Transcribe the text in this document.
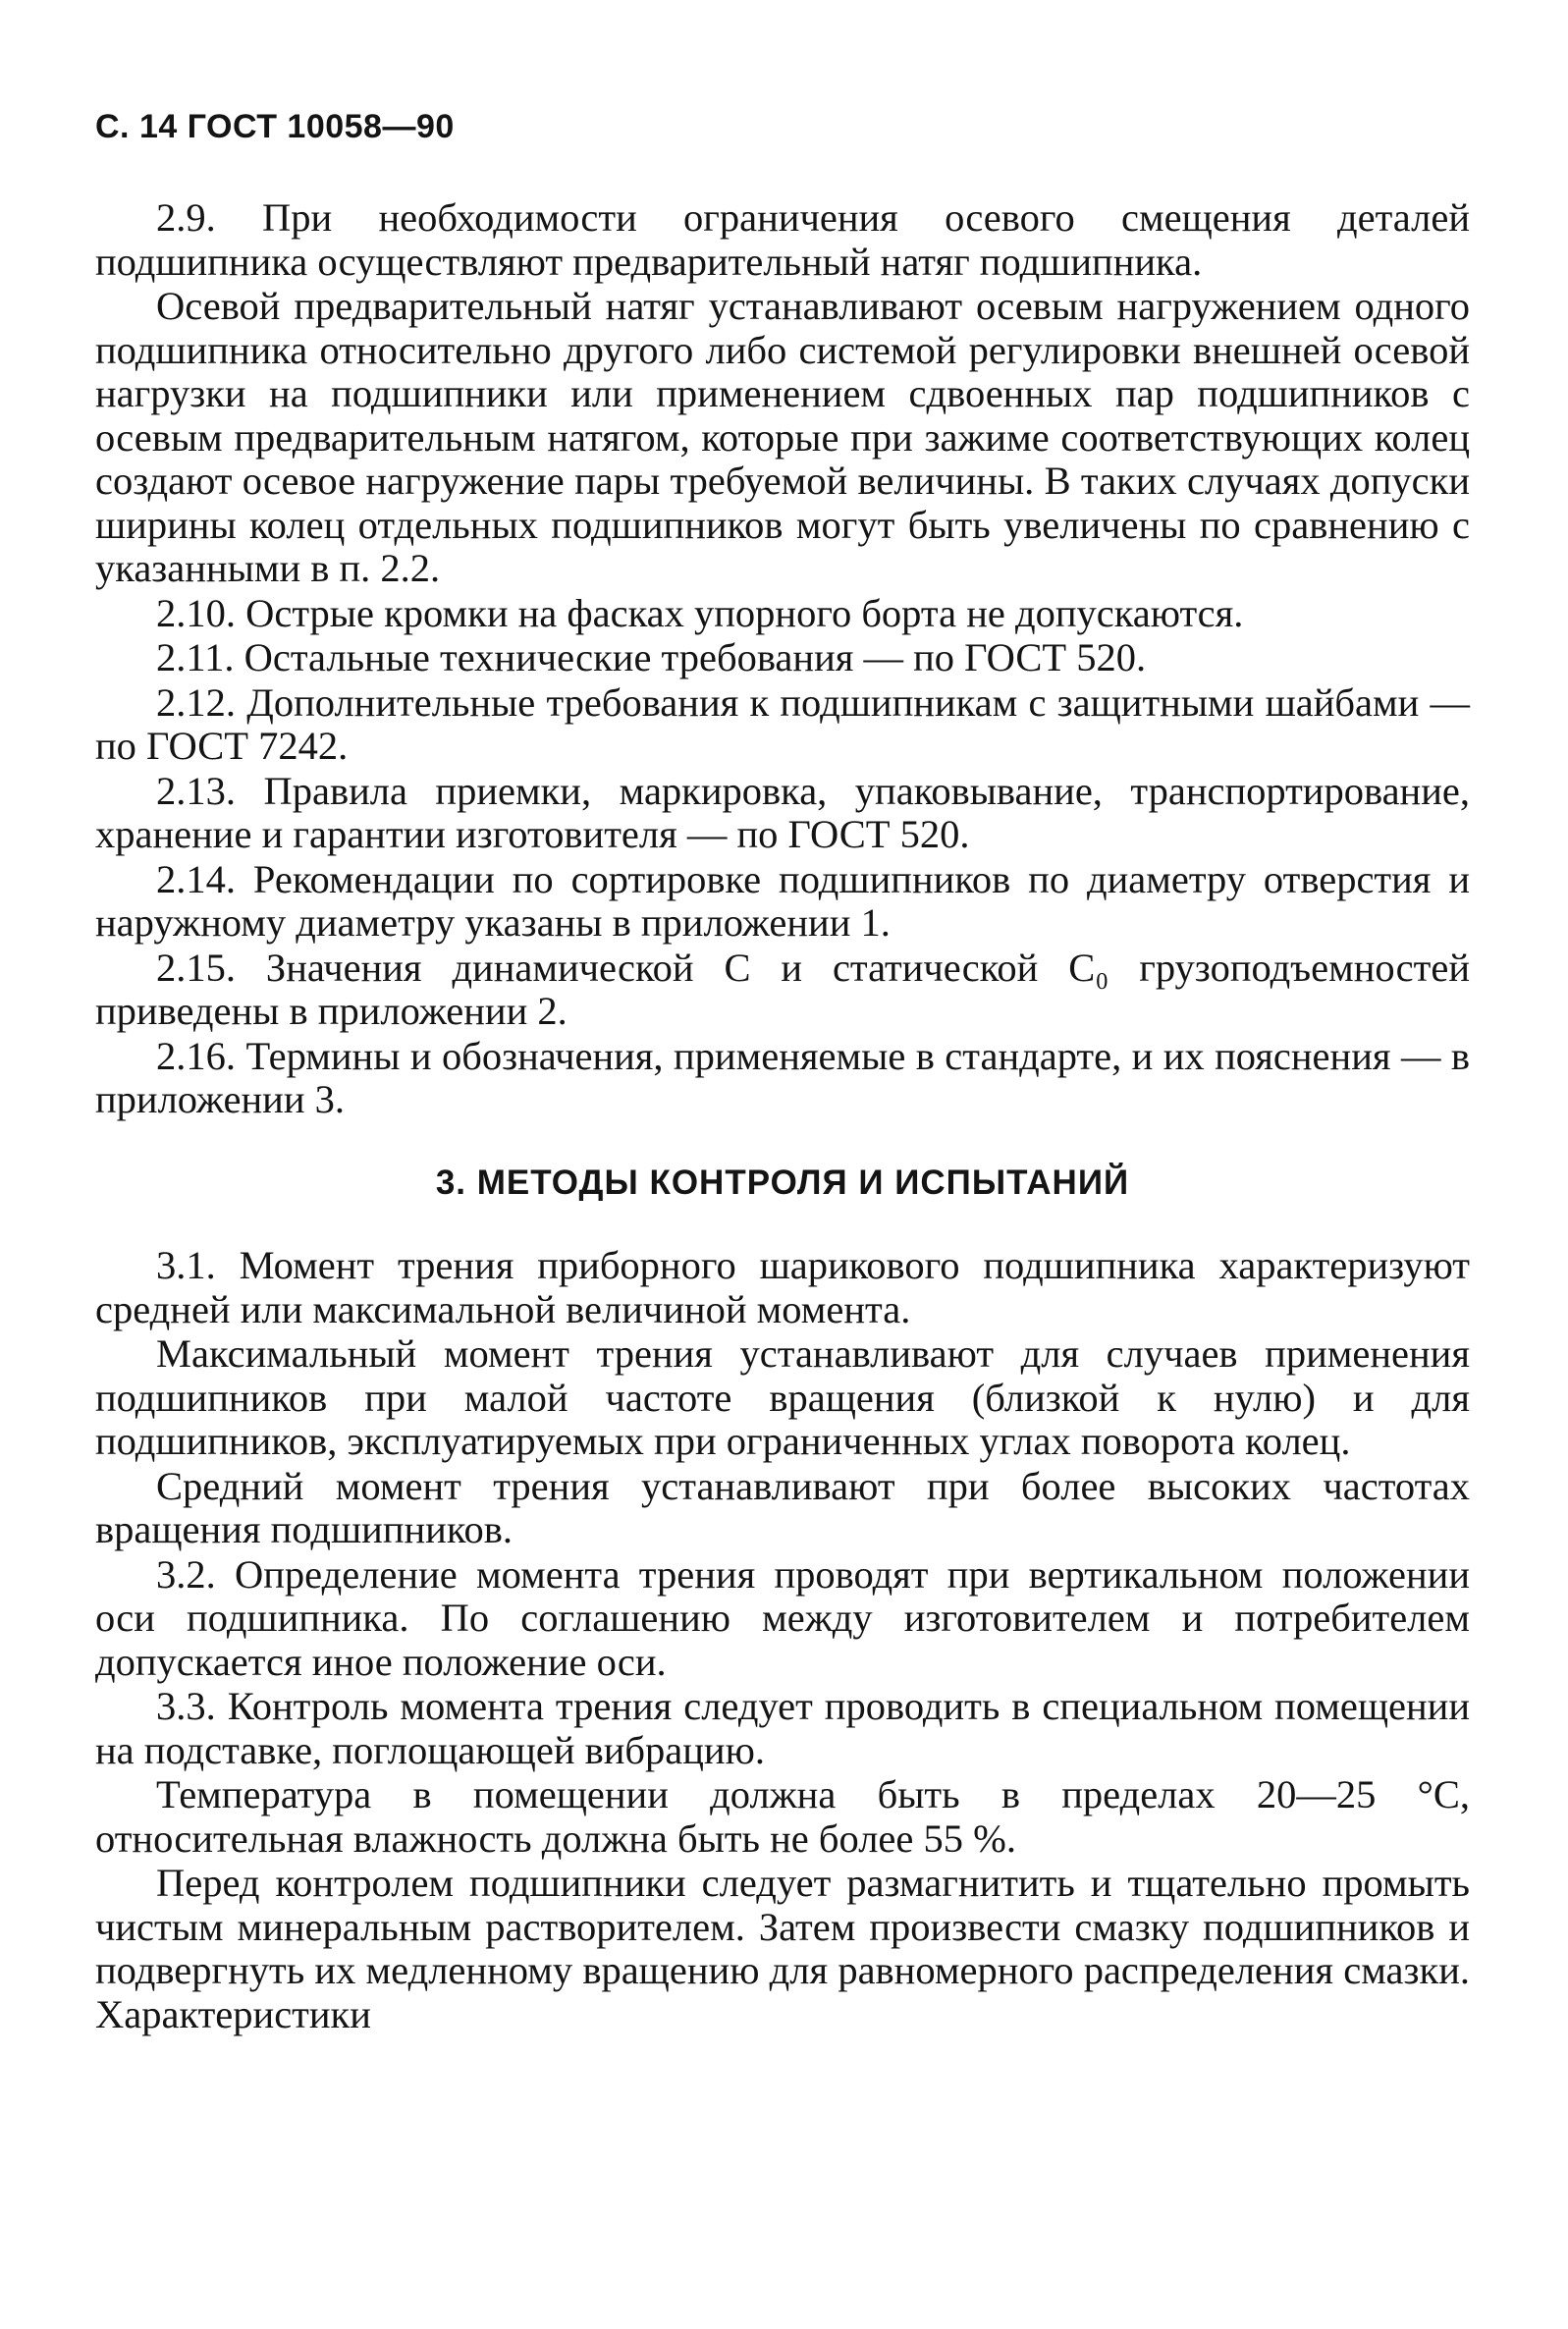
С. 14 ГОСТ 10058—90

2.9. При необходимости ограничения осевого смещения деталей подшипника осуществляют предварительный натяг подшипника.

Осевой предварительный натяг устанавливают осевым нагружением одного подшипника относительно другого либо системой регулировки внешней осевой нагрузки на подшипники или применением сдвоенных пар подшипников с осевым предварительным натягом, которые при зажиме соответствующих колец создают осевое нагружение пары требуемой величины. В таких случаях допуски ширины колец отдельных подшипников могут быть увеличены по сравнению с указанными в п. 2.2.

2.10. Острые кромки на фасках упорного борта не допускаются.

2.11. Остальные технические требования — по ГОСТ 520.

2.12. Дополнительные требования к подшипникам с защитными шайбами — по ГОСТ 7242.

2.13. Правила приемки, маркировка, упаковывание, транспортирование, хранение и гарантии изготовителя — по ГОСТ 520.

2.14. Рекомендации по сортировке подшипников по диаметру отверстия и наружному диаметру указаны в приложении 1.

2.15. Значения динамической C и статической C₀ грузоподъемностей приведены в приложении 2.

2.16. Термины и обозначения, применяемые в стандарте, и их пояснения — в приложении 3.

3. МЕТОДЫ КОНТРОЛЯ И ИСПЫТАНИЙ

3.1. Момент трения приборного шарикового подшипника характеризуют средней или максимальной величиной момента.

Максимальный момент трения устанавливают для случаев применения подшипников при малой частоте вращения (близкой к нулю) и для подшипников, эксплуатируемых при ограниченных углах поворота колец.

Средний момент трения устанавливают при более высоких частотах вращения подшипников.

3.2. Определение момента трения проводят при вертикальном положении оси подшипника. По соглашению между изготовителем и потребителем допускается иное положение оси.

3.3. Контроль момента трения следует проводить в специальном помещении на подставке, поглощающей вибрацию.

Температура в помещении должна быть в пределах 20—25 °C, относительная влажность должна быть не более 55 %.

Перед контролем подшипники следует размагнитить и тщательно промыть чистым минеральным растворителем. Затем произвести смазку подшипников и подвергнуть их медленному вращению для равномерного распределения смазки. Характеристики
